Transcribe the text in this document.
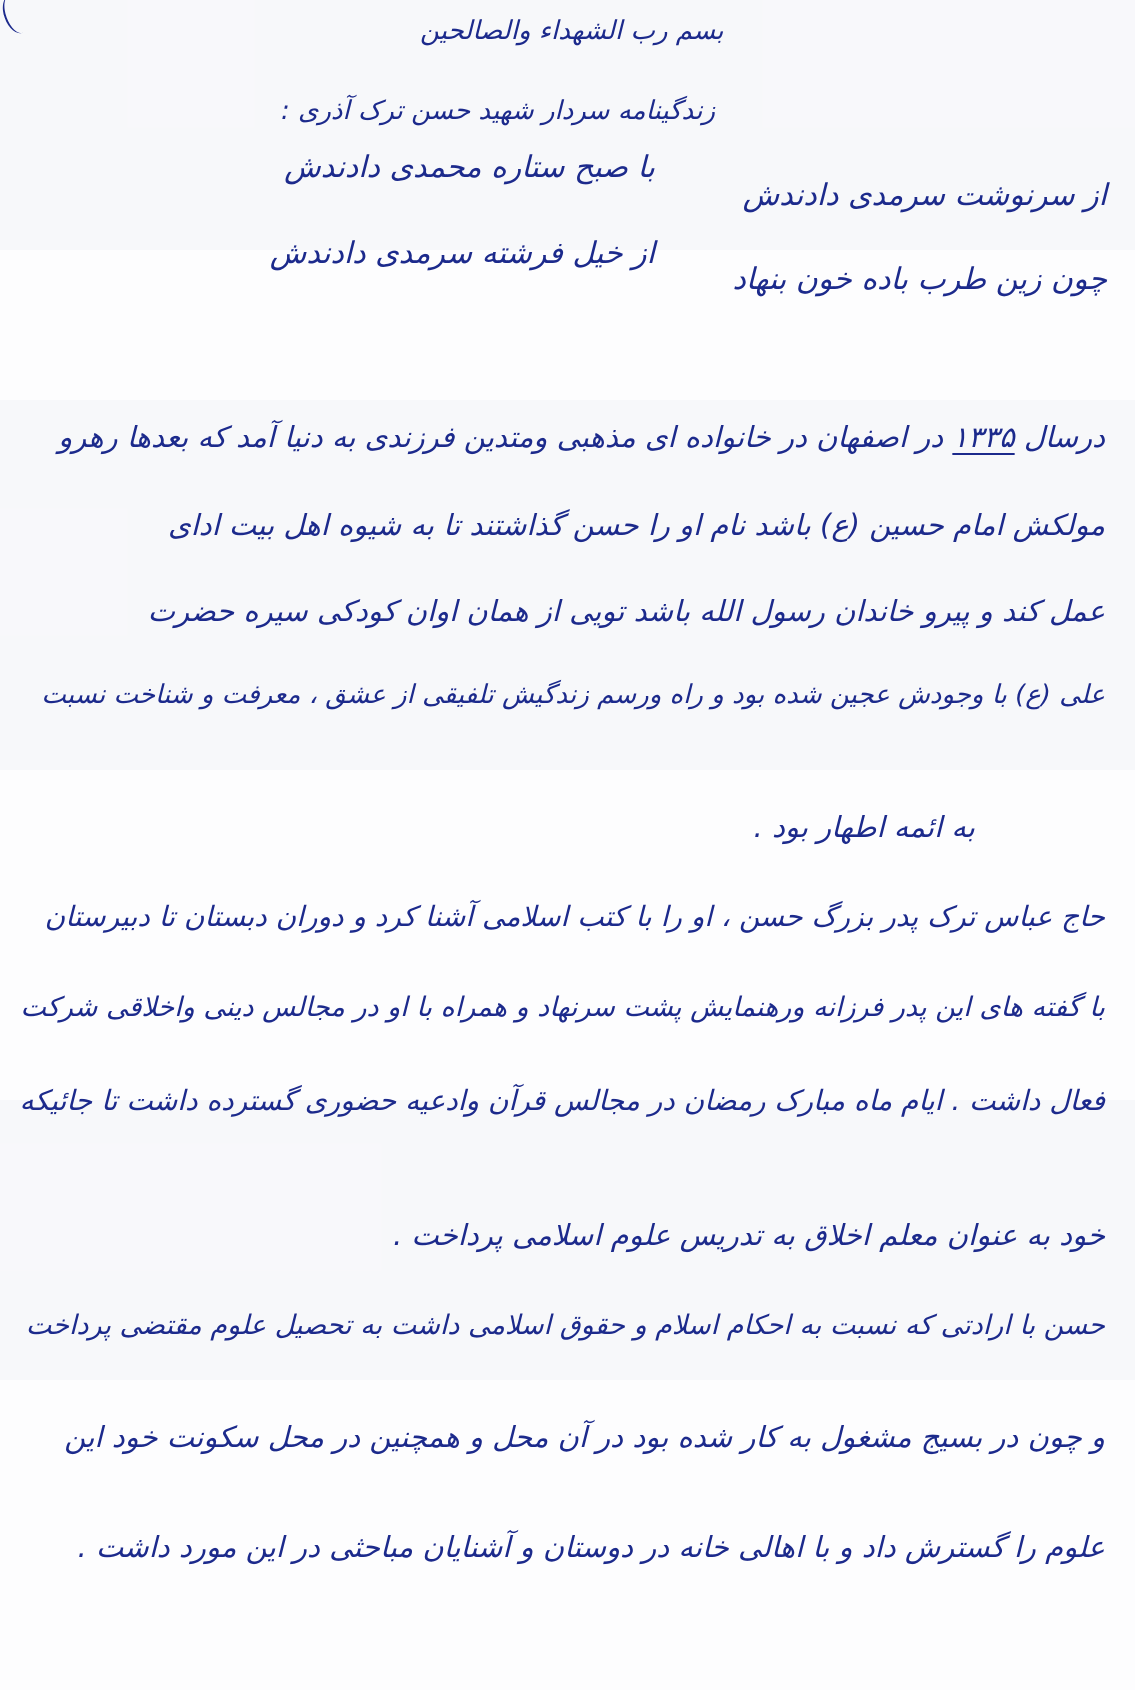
بسم رب الشهداء والصالحین
زندگینامه سردار شهید حسن ترک آذری :
از سرنوشت سرمدی دادندش
با صبح ستاره محمدی دادندش
چون زین طرب باده خون بنهاد
از خیل فرشته سرمدی دادندش
درسال ۱۳۳۵ در اصفهان در خانواده ای مذهبی ومتدین فرزندی به دنیا آمد که بعدها رهرو
مولکش امام حسین (ع) باشد نام او را حسن گذاشتند تا به شیوه اهل بیت ادای
عمل کند و پیرو خاندان رسول الله باشد تویی از همان اوان کودکی سیره حضرت
علی (ع) با وجودش عجین شده بود و راه ورسم زندگیش تلفیقی از عشق ، معرفت و شناخت نسبت
به ائمه اطهار بود .
حاج عباس ترک پدر بزرگ حسن ، او را با کتب اسلامی آشنا کرد و دوران دبستان تا دبیرستان
با گفته های این پدر فرزانه ورهنمایش پشت سرنهاد و همراه با او در مجالس دینی واخلاقی شرکت
فعال داشت . ایام ماه مبارک رمضان در مجالس قرآن وادعیه حضوری گسترده داشت تا جائیکه
خود به عنوان معلم اخلاق به تدریس علوم اسلامی پرداخت .
حسن با ارادتی که نسبت به احکام اسلام و حقوق اسلامی داشت به تحصیل علوم مقتضی پرداخت
و چون در بسیج مشغول به کار شده بود در آن محل و همچنین در محل سکونت خود این
علوم را گسترش داد و با اهالی خانه در دوستان و آشنایان مباحثی در این مورد داشت .
